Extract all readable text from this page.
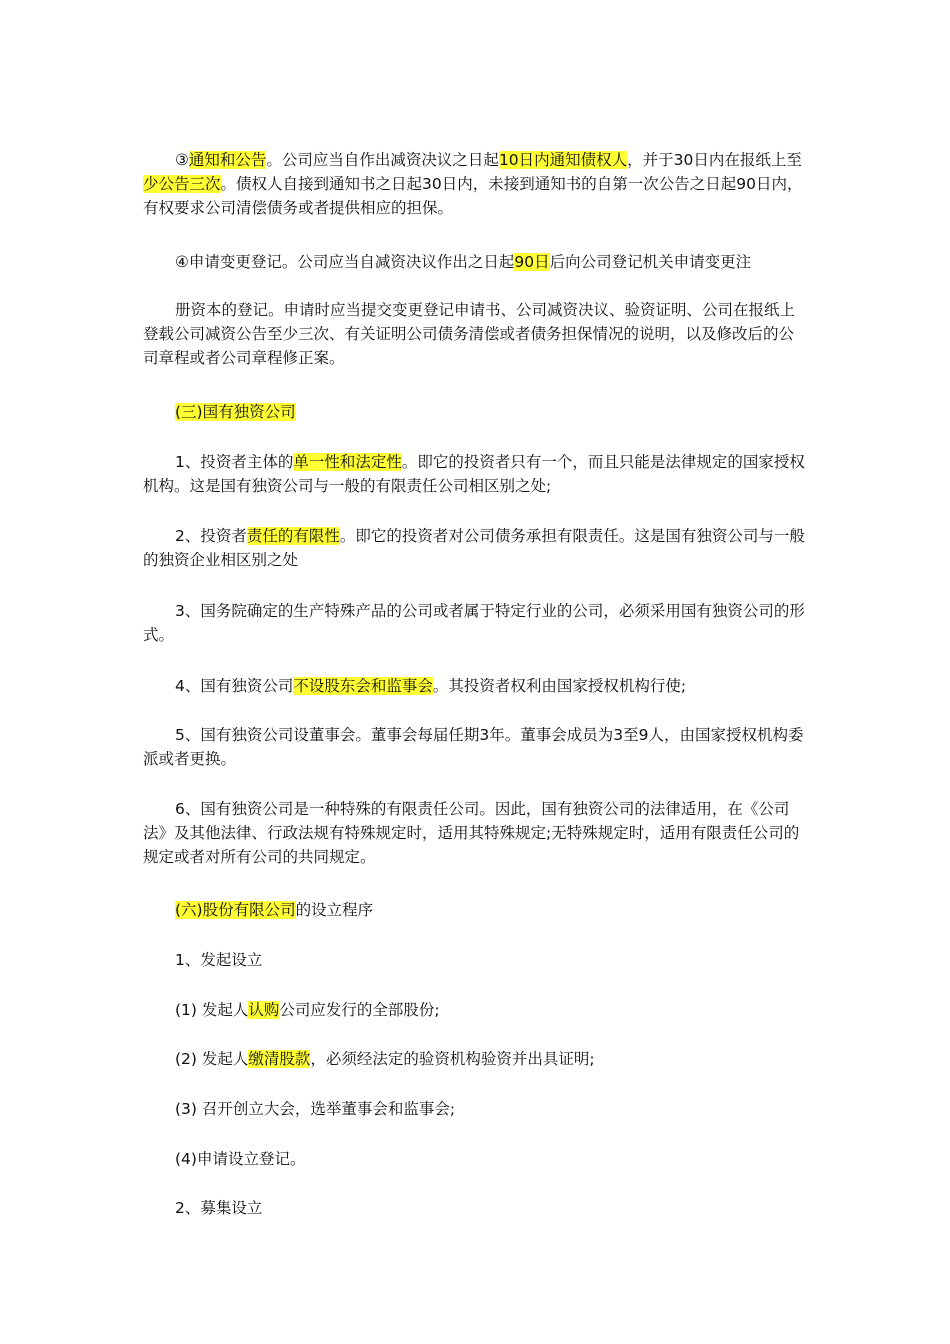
③通知和公告。公司应当自作出减资决议之日起10日内通知债权人，并于30日内在报纸上至少公告三次。债权人自接到通知书之日起30日内，未接到通知书的自第一次公告之日起90日内，有权要求公司清偿债务或者提供相应的担保。
④申请变更登记。公司应当自减资决议作出之日起90日后向公司登记机关申请变更注
册资本的登记。申请时应当提交变更登记申请书、公司减资决议、验资证明、公司在报纸上登载公司减资公告至少三次、有关证明公司债务清偿或者债务担保情况的说明，以及修改后的公司章程或者公司章程修正案。
(三)国有独资公司
1、投资者主体的单一性和法定性。即它的投资者只有一个，而且只能是法律规定的国家授权机构。这是国有独资公司与一般的有限责任公司相区别之处;
2、投资者责任的有限性。即它的投资者对公司债务承担有限责任。这是国有独资公司与一般的独资企业相区别之处
3、国务院确定的生产特殊产品的公司或者属于特定行业的公司，必须采用国有独资公司的形式。
4、国有独资公司不设股东会和监事会。其投资者权利由国家授权机构行使;
5、国有独资公司设董事会。董事会每届任期3年。董事会成员为3至9人，由国家授权机构委派或者更换。
6、国有独资公司是一种特殊的有限责任公司。因此，国有独资公司的法律适用，在《公司法》及其他法律、行政法规有特殊规定时，适用其特殊规定;无特殊规定时，适用有限责任公司的规定或者对所有公司的共同规定。
(六)股份有限公司的设立程序
1、发起设立
(1) 发起人认购公司应发行的全部股份;
(2) 发起人缴清股款，必须经法定的验资机构验资并出具证明;
(3) 召开创立大会，选举董事会和监事会;
(4)申请设立登记。
2、募集设立
